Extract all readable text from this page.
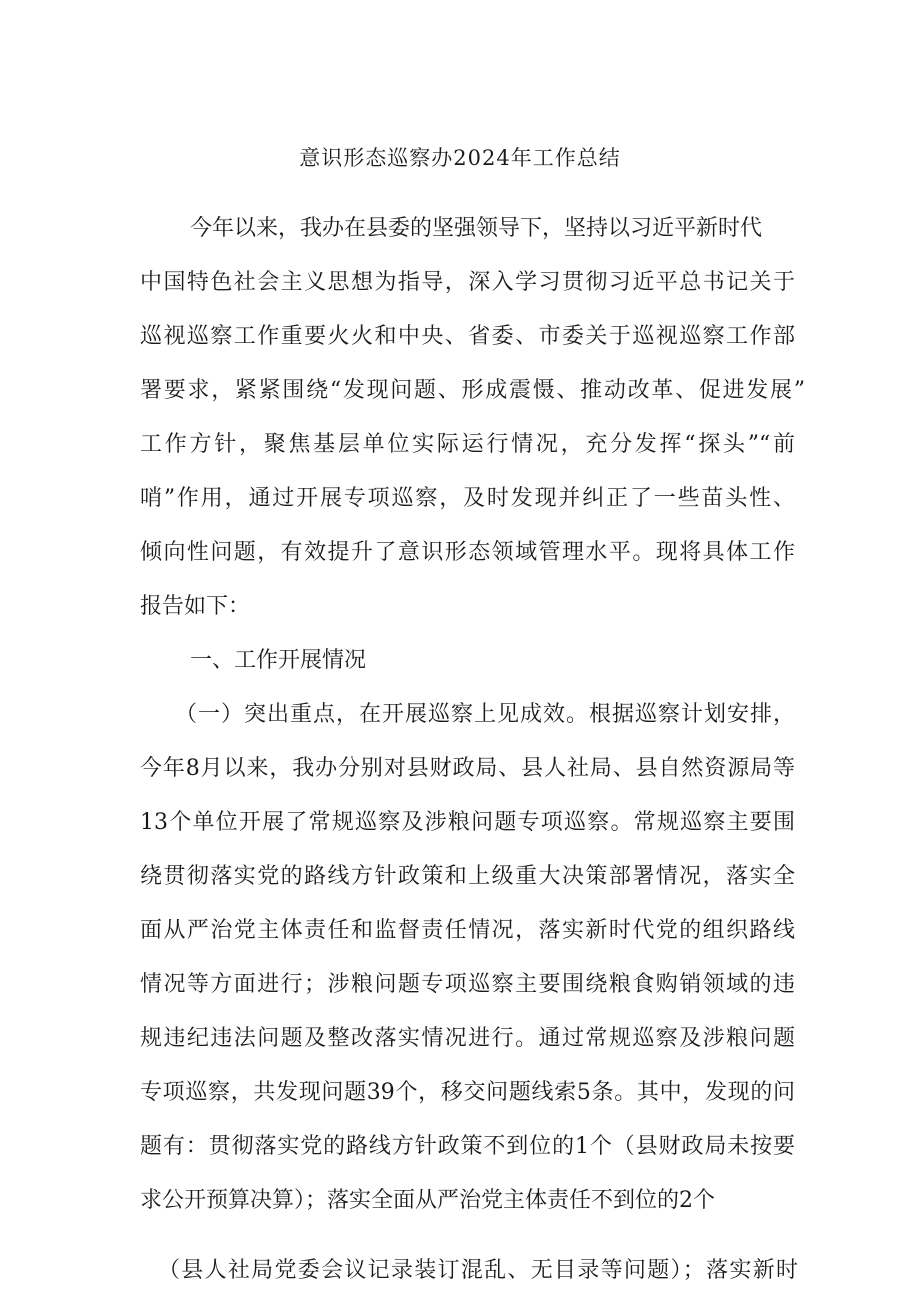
意识形态巡察办2024年工作总结
今年以来，我办在县委的坚强领导下，坚持以习近平新时代
中国特色社会主义思想为指导，深入学习贯彻习近平总书记关于
巡视巡察工作重要火火和中央、省委、市委关于巡视巡察工作部
署要求，紧紧围绕“发现问题、形成震慑、推动改革、促进发展”
工作方针，聚焦基层单位实际运行情况，充分发挥“探头”“前
哨”作用，通过开展专项巡察，及时发现并纠正了一些苗头性、
倾向性问题，有效提升了意识形态领域管理水平。现将具体工作
报告如下：
一、工作开展情况
（一）突出重点，在开展巡察上见成效。根据巡察计划安排，
今年8月以来，我办分别对县财政局、县人社局、县自然资源局等
13个单位开展了常规巡察及涉粮问题专项巡察。常规巡察主要围
绕贯彻落实党的路线方针政策和上级重大决策部署情况，落实全
面从严治党主体责任和监督责任情况，落实新时代党的组织路线
情况等方面进行；涉粮问题专项巡察主要围绕粮食购销领域的违
规违纪违法问题及整改落实情况进行。通过常规巡察及涉粮问题
专项巡察，共发现问题39个，移交问题线索5条。其中，发现的问
题有：贯彻落实党的路线方针政策不到位的1个（县财政局未按要
求公开预算决算）；落实全面从严治党主体责任不到位的2个
（县人社局党委会议记录装订混乱、无目录等问题）；落实新时
